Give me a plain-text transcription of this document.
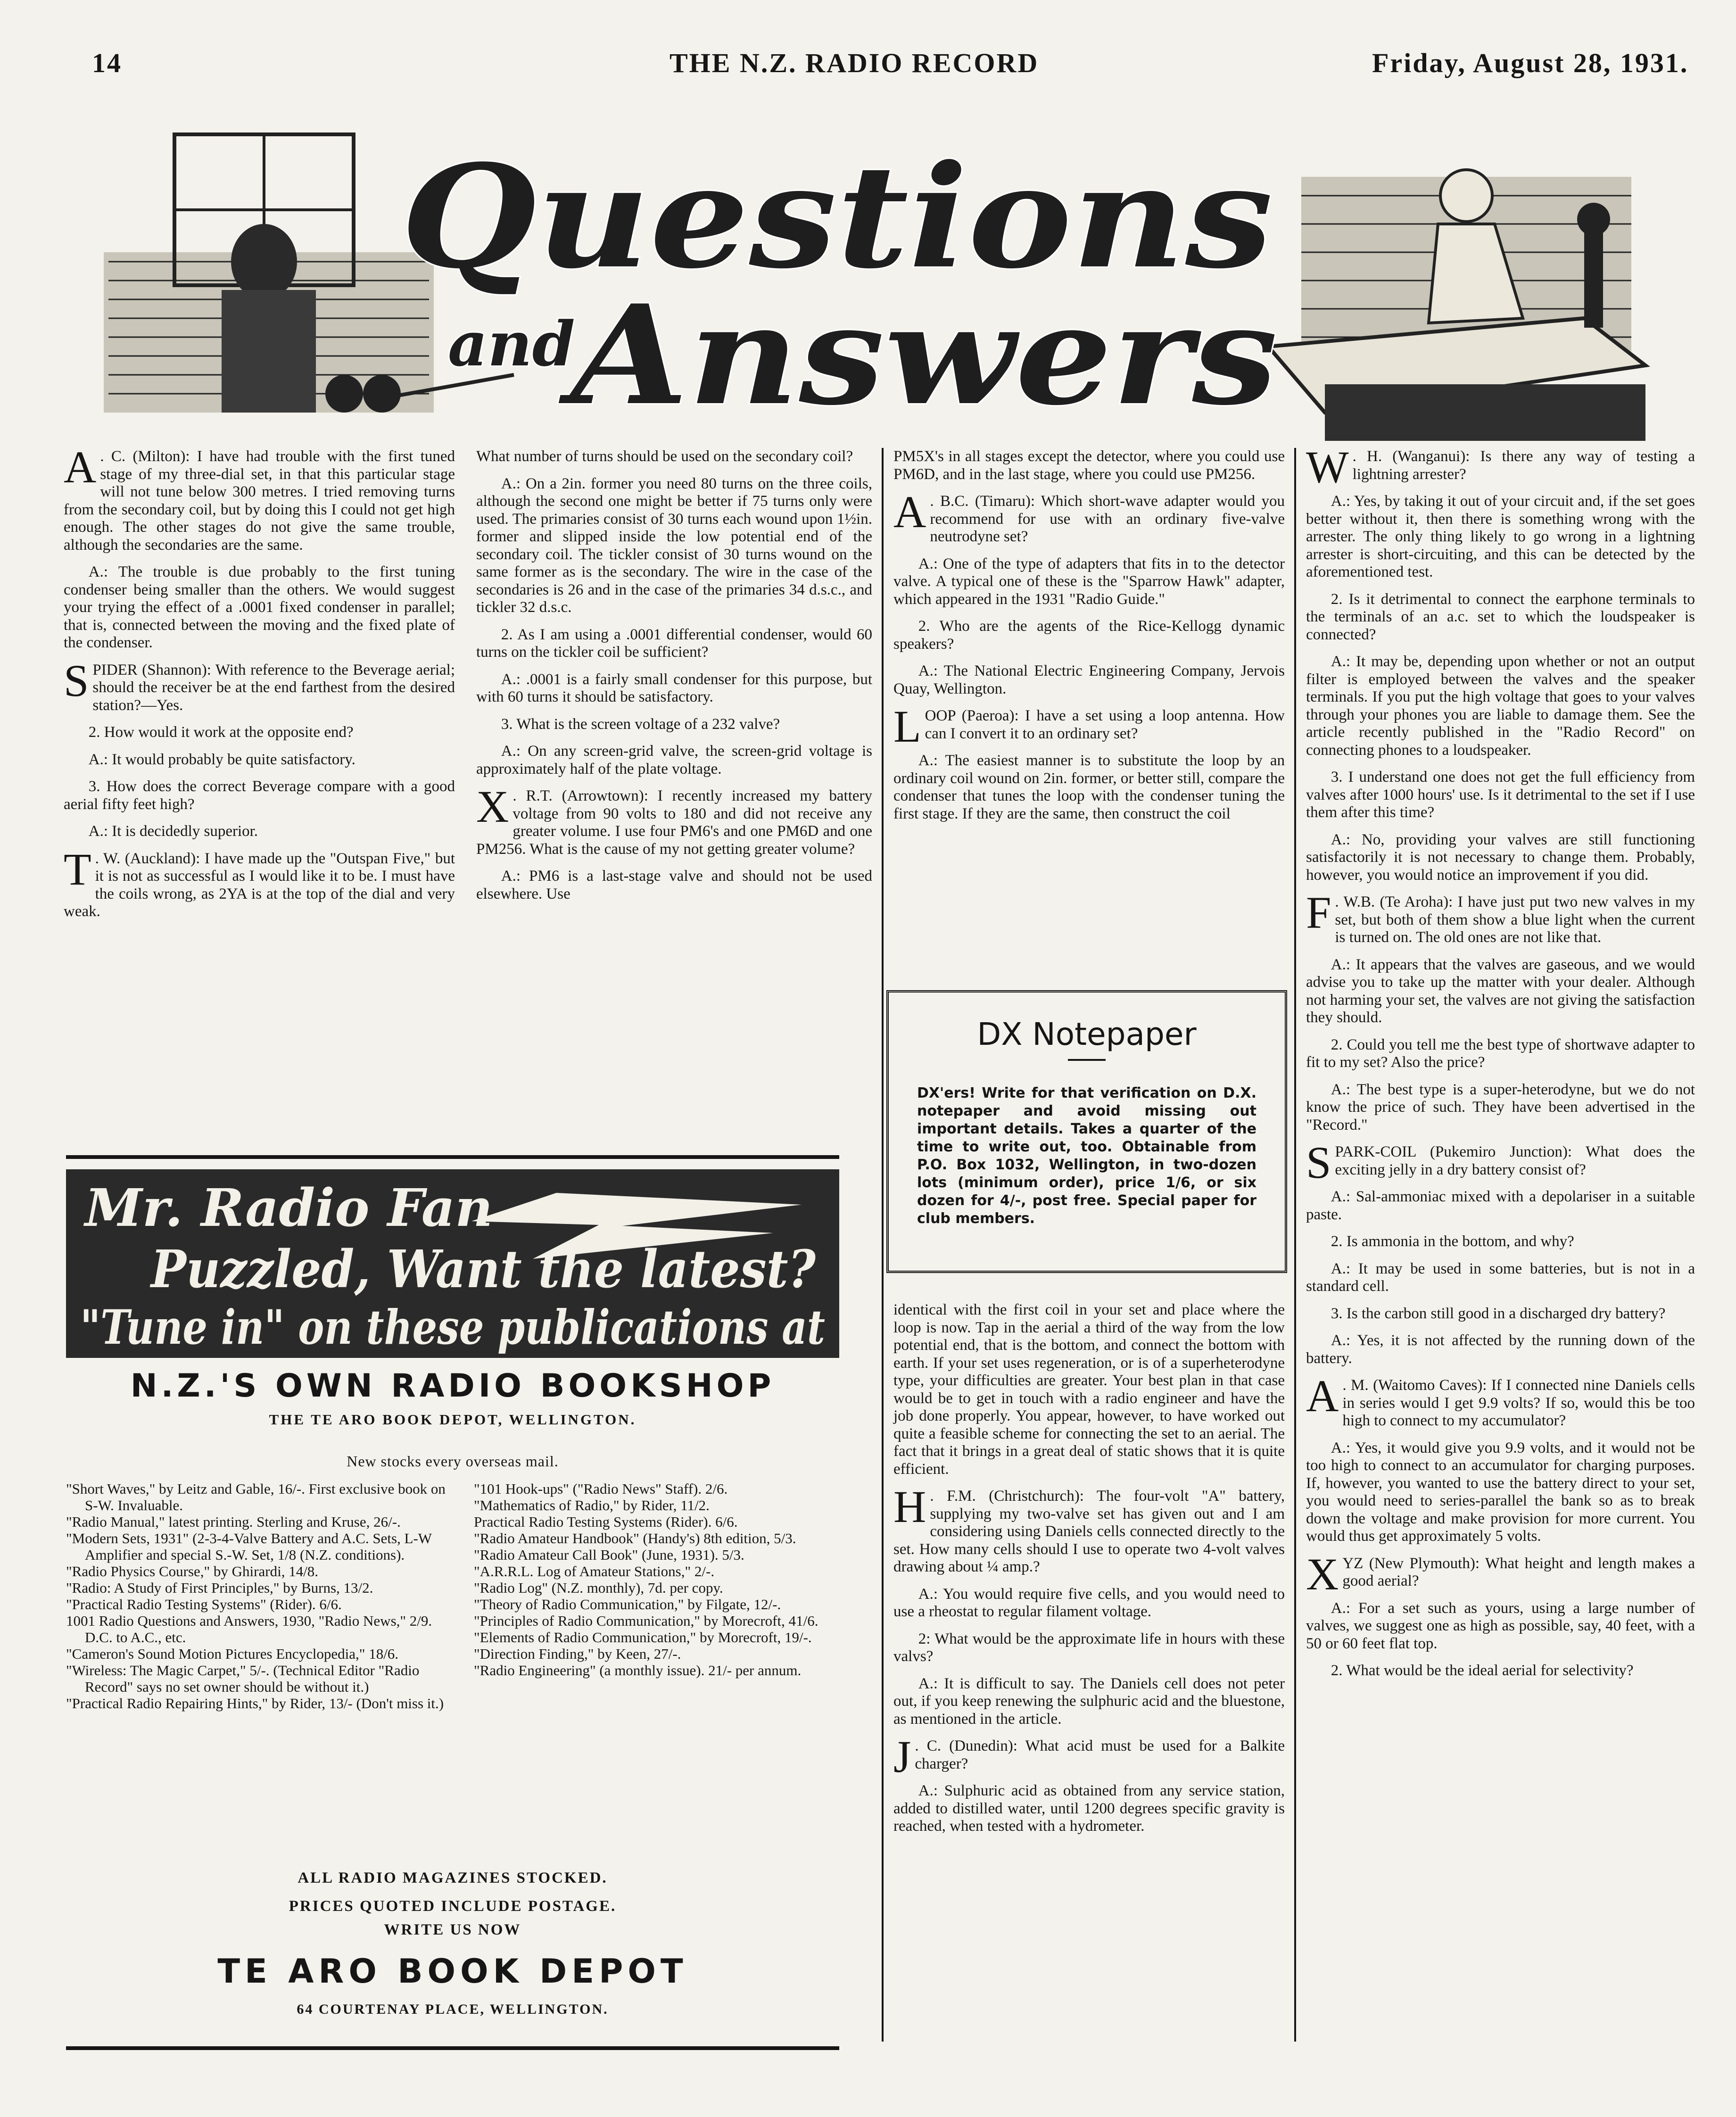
14	THE N.Z. RADIO RECORD	Friday, August 28, 1931.
Questions
and
Answers

A . C. (Milton): I have had trouble with the first tuned stage of my three-dial set, in that this particular stage will not tune below 300 metres. I tried removing turns from the secondary coil, but by doing this I could not get high enough. The other stages do not give the same trouble, although the secondaries are the same.

A.: The trouble is due probably to the first tuning condenser being smaller than the others. We would suggest your trying the effect of a .0001 fixed condenser in parallel; that is, connected between the moving and the fixed plate of the condenser.

SPIDER (Shannon): With reference to the Beverage aerial; should the receiver be at the end farthest from the desired station?—Yes.

2. How would it work at the opposite end?

A.: It would probably be quite satisfactory.

3. How does the correct Beverage compare with a good aerial fifty feet high?

A.: It is decidedly superior.

T . W. (Auckland): I have made up the "Outspan Five," but it is not as successful as I would like it to be. I must have the coils wrong, as 2YA is at the top of the dial and very weak.

What number of turns should be used on the secondary coil?

A.: On a 2in. former you need 80 turns on the three coils, although the second one might be better if 75 turns only were used. The primaries consist of 30 turns each wound upon 1½in. former and slipped inside the low potential end of the secondary coil. The tickler consist of 30 turns wound on the same former as is the secondary. The wire in the case of the secondaries is 26 and in the case of the primaries 34 d.s.c., and tickler 32 d.s.c.

2. As I am using a .0001 differential condenser, would 60 turns on the tickler coil be sufficient?

A.: .0001 is a fairly small condenser for this purpose, but with 60 turns it should be satisfactory.

3. What is the screen voltage of a 232 valve?

A.: On any screen-grid valve, the screen-grid voltage is approximately half of the plate voltage.

X . R.T. (Arrowtown): I recently increased my battery voltage from 90 volts to 180 and did not receive any greater volume. I use four PM6's and one PM6D and one PM256. What is the cause of my not getting greater volume?

A.: PM6 is a last-stage valve and should not be used elsewhere. Use

PM5X's in all stages except the detector, where you could use PM6D, and in the last stage, where you could use PM256.

A . B.C. (Timaru): Which short-wave adapter would you recommend for use with an ordinary five-valve neutrodyne set?

A.: One of the type of adapters that fits in to the detector valve. A typical one of these is the "Sparrow Hawk" adapter, which appeared in the 1931 "Radio Guide."

2. Who are the agents of the Rice-Kellogg dynamic speakers?

A.: The National Electric Engineering Company, Jervois Quay, Wellington.

LOOP (Paeroa): I have a set using a loop antenna. How can I convert it to an ordinary set?

A.: The easiest manner is to substitute the loop by an ordinary coil wound on 2in. former, or better still, compare the condenser that tunes the loop with the condenser tuning the first stage. If they are the same, then construct the coil

identical with the first coil in your set and place where the loop is now. Tap in the aerial a third of the way from the low potential end, that is the bottom, and connect the bottom with earth. If your set uses regeneration, or is of a superheterodyne type, your difficulties are greater. Your best plan in that case would be to get in touch with a radio engineer and have the job done properly. You appear, however, to have worked out quite a feasible scheme for connecting the set to an aerial. The fact that it brings in a great deal of static shows that it is quite efficient.

H . F.M. (Christchurch): The four-volt "A" battery, supplying my two-valve set has given out and I am considering using Daniels cells connected directly to the set. How many cells should I use to operate two 4-volt valves drawing about ¼ amp.?

A.: You would require five cells, and you would need to use a rheostat to regular filament voltage.

2: What would be the approximate life in hours with these valvs?

A.: It is difficult to say. The Daniels cell does not peter out, if you keep renewing the sulphuric acid and the bluestone, as mentioned in the article.

J . C. (Dunedin): What acid must be used for a Balkite charger?

A.: Sulphuric acid as obtained from any service station, added to distilled water, until 1200 degrees specific gravity is reached, when tested with a hydrometer.

W . H. (Wanganui): Is there any way of testing a lightning arrester?

A.: Yes, by taking it out of your circuit and, if the set goes better without it, then there is something wrong with the arrester. The only thing likely to go wrong in a lightning arrester is short-circuiting, and this can be detected by the aforementioned test.

2. Is it detrimental to connect the earphone terminals to the terminals of an a.c. set to which the loudspeaker is connected?

A.: It may be, depending upon whether or not an output filter is employed between the valves and the speaker terminals. If you put the high voltage that goes to your valves through your phones you are liable to damage them. See the article recently published in the "Radio Record" on connecting phones to a loudspeaker.

3. I understand one does not get the full efficiency from valves after 1000 hours' use. Is it detrimental to the set if I use them after this time?

A.: No, providing your valves are still functioning satisfactorily it is not necessary to change them. Probably, however, you would notice an improvement if you did.

F . W.B. (Te Aroha): I have just put two new valves in my set, but both of them show a blue light when the current is turned on. The old ones are not like that.

A.: It appears that the valves are gaseous, and we would advise you to take up the matter with your dealer. Although not harming your set, the valves are not giving the satisfaction they should.

2. Could you tell me the best type of shortwave adapter to fit to my set? Also the price?

A.: The best type is a super-heterodyne, but we do not know the price of such. They have been advertised in the "Record."

SPARK-COIL (Pukemiro Junction): What does the exciting jelly in a dry battery consist of?

A.: Sal-ammoniac mixed with a depolariser in a suitable paste.

2. Is ammonia in the bottom, and why?

A.: It may be used in some batteries, but is not in a standard cell.

3. Is the carbon still good in a discharged dry battery?

A.: Yes, it is not affected by the running down of the battery.

A . M. (Waitomo Caves): If I connected nine Daniels cells in series would I get 9.9 volts? If so, would this be too high to connect to my accumulator?

A.: Yes, it would give you 9.9 volts, and it would not be too high to connect to an accumulator for charging purposes. If, however, you wanted to use the battery direct to your set, you would need to series-parallel the bank so as to break down the voltage and make provision for more current. You would thus get approximately 5 volts.

XYZ (New Plymouth): What height and length makes a good aerial?

A.: For a set such as yours, using a large number of valves, we suggest one as high as possible, say, 40 feet, with a 50 or 60 feet flat top.

2. What would be the ideal aerial for selectivity?

DX Notepaper
DX'ers! Write for that verification on D.X. notepaper and avoid missing out important details. Takes a quarter of the time to write out, too. Obtainable from P.O. Box 1032, Wellington, in two-dozen lots (minimum order), price 1/6, or six dozen for 4/-, post free. Special paper for club members.
Mr. Radio Fan
Puzzled, Want the latest?
"Tune in" on these publications at
N.Z.'S OWN RADIO BOOKSHOP
THE TE ARO BOOK DEPOT, WELLINGTON.
New stocks every overseas mail.
"Short Waves," by Leitz and Gable, 16/-. First exclusive book on S-W. Invaluable.
"Radio Manual," latest printing. Sterling and Kruse, 26/-.
"Modern Sets, 1931" (2-3-4-Valve Battery and A.C. Sets, L-W Amplifier and special S.-W. Set, 1/8 (N.Z. conditions).
"Radio Physics Course," by Ghirardi, 14/8.
"Radio: A Study of First Principles," by Burns, 13/2.
"Practical Radio Testing Systems" (Rider). 6/6.
1001 Radio Questions and Answers, 1930, "Radio News," 2/9. D.C. to A.C., etc.
"Cameron's Sound Motion Pictures Encyclopedia," 18/6.
"Wireless: The Magic Carpet," 5/-. (Technical Editor "Radio Record" says no set owner should be without it.)
"Practical Radio Repairing Hints," by Rider, 13/- (Don't miss it.)
"101 Hook-ups" ("Radio News" Staff). 2/6.
"Mathematics of Radio," by Rider, 11/2.
Practical Radio Testing Systems (Rider). 6/6.
"Radio Amateur Handbook" (Handy's) 8th edition, 5/3.
"Radio Amateur Call Book" (June, 1931). 5/3.
"A.R.R.L. Log of Amateur Stations," 2/-.
"Radio Log" (N.Z. monthly), 7d. per copy.
"Theory of Radio Communication," by Filgate, 12/-.
"Principles of Radio Communication," by Morecroft, 41/6.
"Elements of Radio Communication," by Morecroft, 19/-.
"Direction Finding," by Keen, 27/-.
"Radio Engineering" (a monthly issue). 21/- per annum.
ALL RADIO MAGAZINES STOCKED.
PRICES QUOTED INCLUDE POSTAGE.
WRITE US NOW
TE ARO BOOK DEPOT
64 COURTENAY PLACE, WELLINGTON.
